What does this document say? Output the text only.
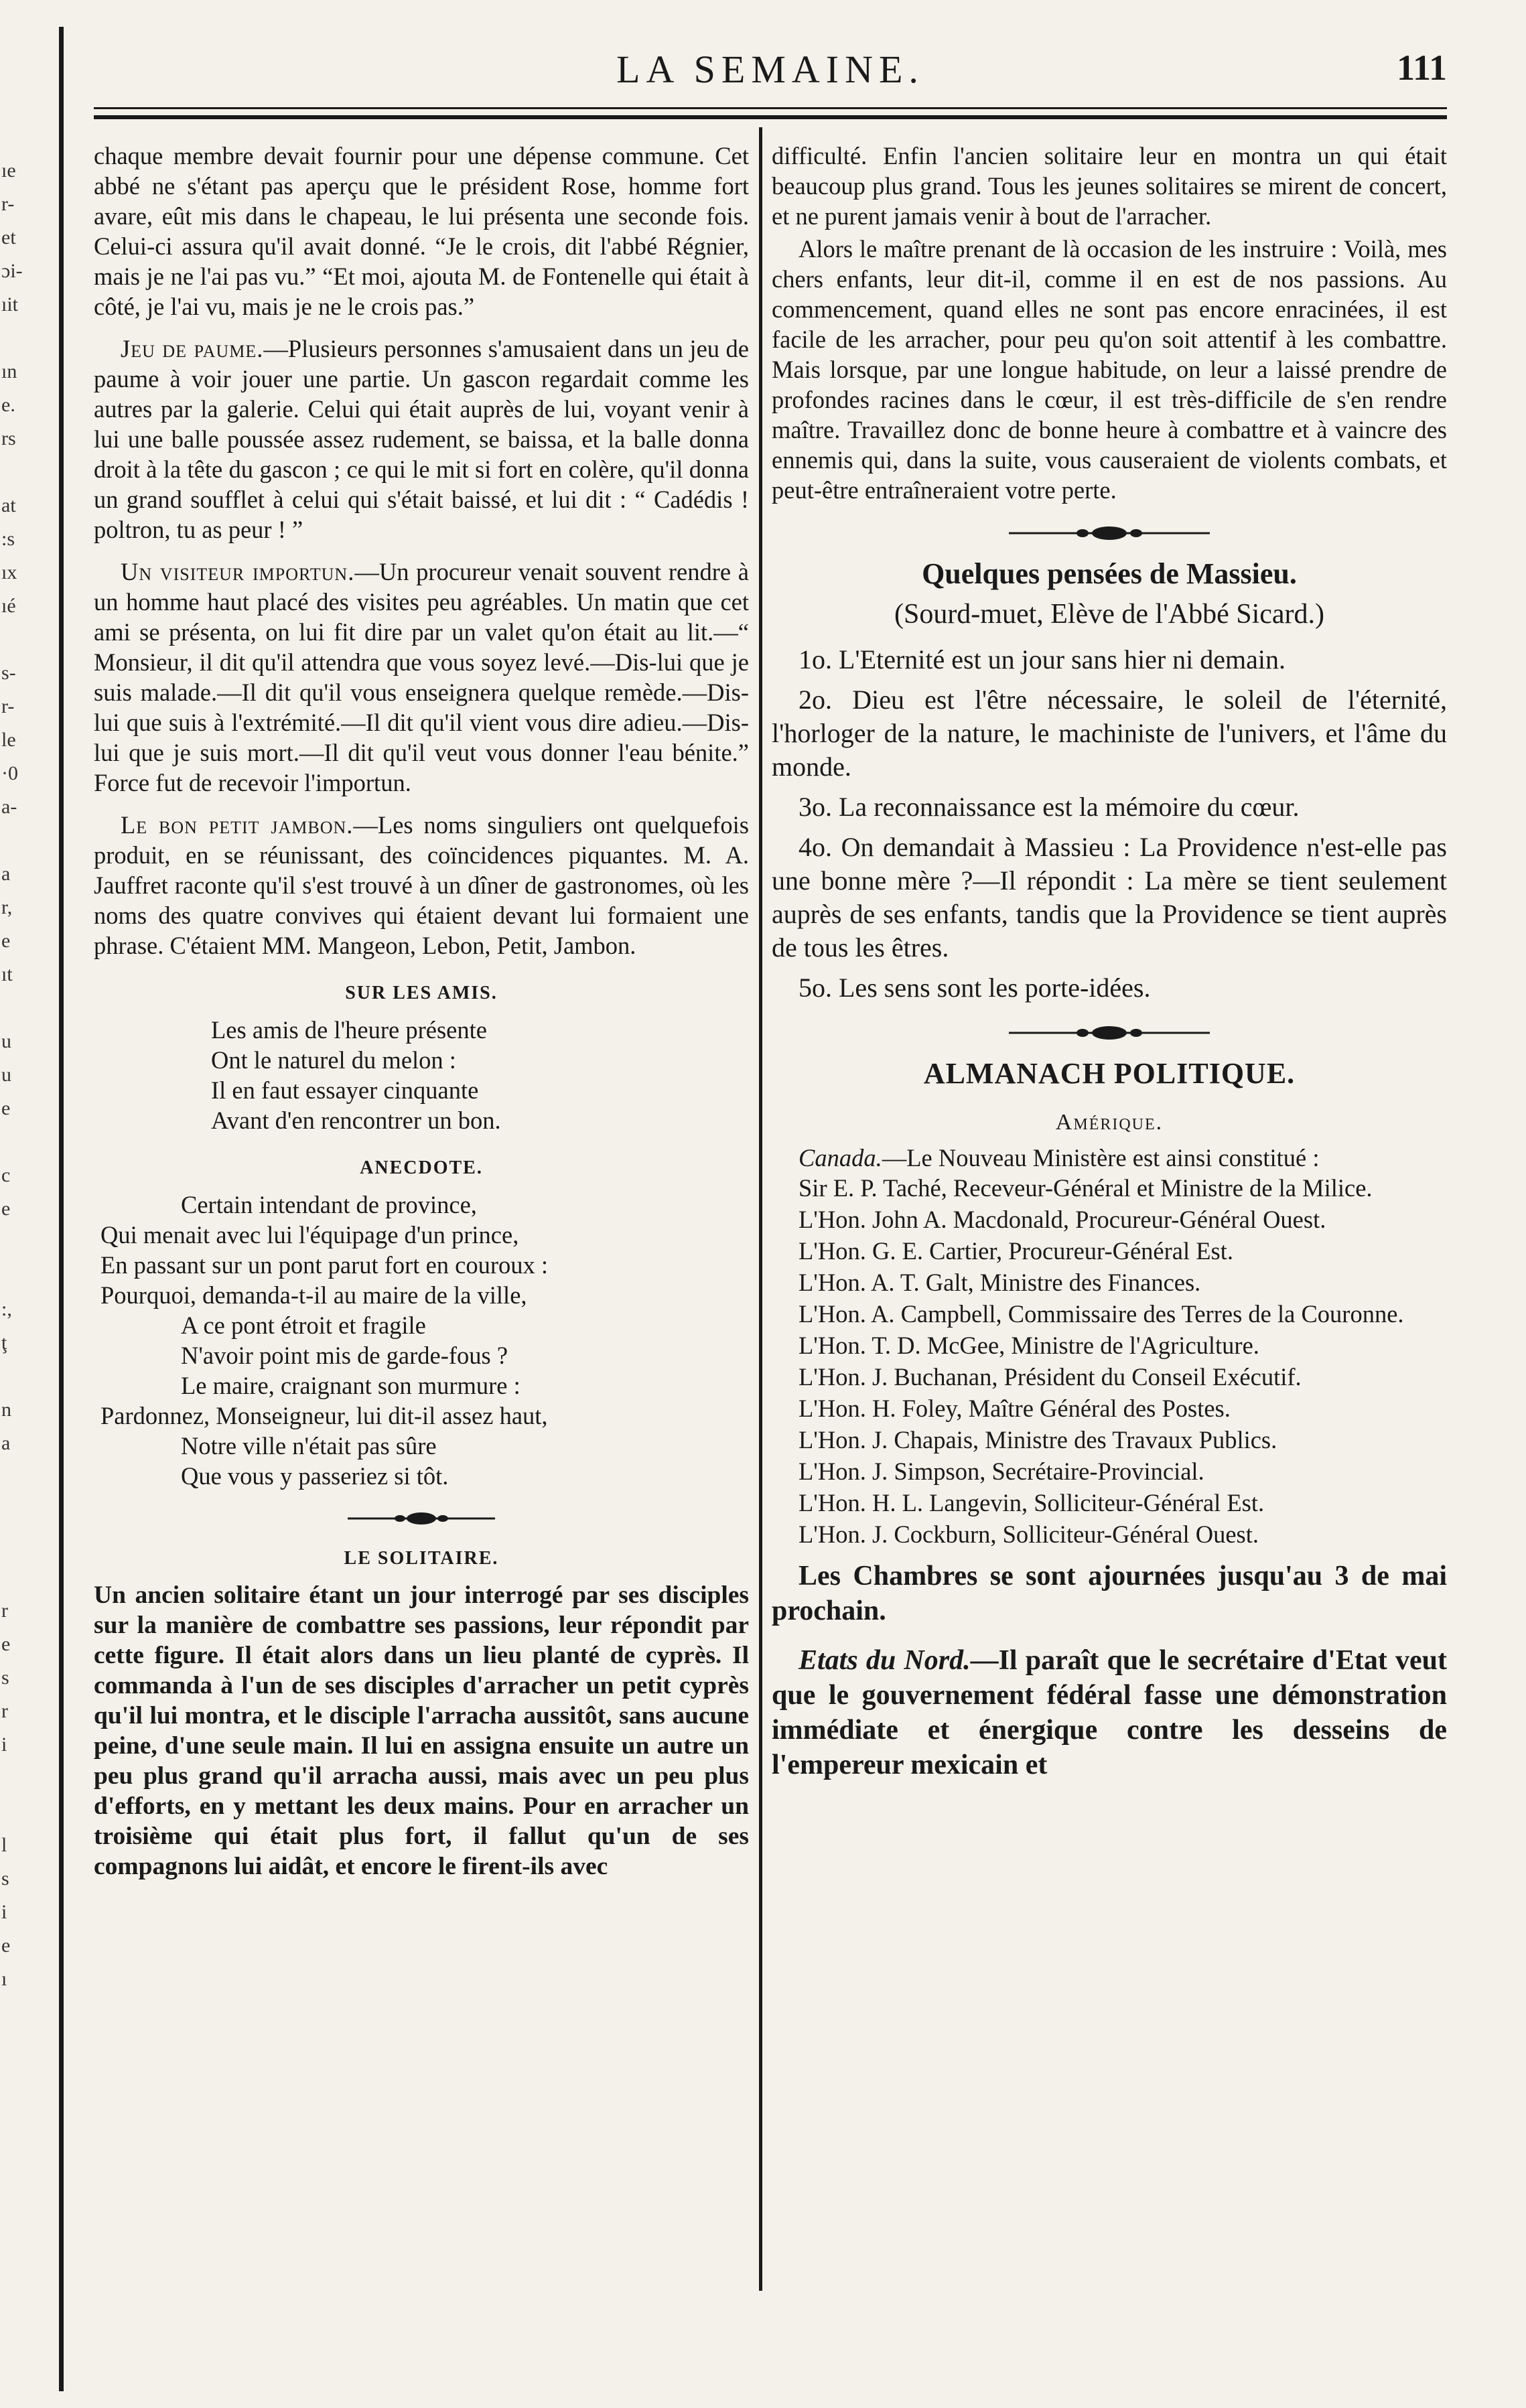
ıe
r-
et
ɔi-
ıit
ın
e.
rs
at
:s
ıx
ıé
s-
r-
le
·0
a-
a
r,
e
ıt
u
u
e
c
e
:,
ţ
n
a
r
e
s
r
i
l
s
i
e
ı
LA SEMAINE.	111

chaque membre devait fournir pour une dépense commune. Cet abbé ne s'étant pas aperçu que le président Rose, homme fort avare, eût mis dans le chapeau, le lui présenta une seconde fois. Celui-ci assura qu'il avait donné. “Je le crois, dit l'abbé Régnier, mais je ne l'ai pas vu.” “Et moi, ajouta M. de Fontenelle qui était à côté, je l'ai vu, mais je ne le crois pas.”

Jeu de paume.—Plusieurs personnes s'amusaient dans un jeu de paume à voir jouer une partie. Un gascon regardait comme les autres par la galerie. Celui qui était auprès de lui, voyant venir à lui une balle poussée assez rudement, se baissa, et la balle donna droit à la tête du gascon ; ce qui le mit si fort en colère, qu'il donna un grand soufflet à celui qui s'était baissé, et lui dit : “ Cadédis ! poltron, tu as peur ! ”

Un visiteur importun.—Un procureur venait souvent rendre à un homme haut placé des visites peu agréables. Un matin que cet ami se présenta, on lui fit dire par un valet qu'on était au lit.—“ Monsieur, il dit qu'il attendra que vous soyez levé.—Dis-lui que je suis malade.—Il dit qu'il vous enseignera quelque remède.—Dis-lui que suis à l'extrémité.—Il dit qu'il vient vous dire adieu.—Dis-lui que je suis mort.—Il dit qu'il veut vous donner l'eau bénite.” Force fut de recevoir l'importun.

Le bon petit jambon.—Les noms singuliers ont quelquefois produit, en se réunissant, des coïncidences piquantes. M. A. Jauffret raconte qu'il s'est trouvé à un dîner de gastronomes, où les noms des quatre convives qui étaient devant lui formaient une phrase. C'étaient MM. Mangeon, Lebon, Petit, Jambon.

SUR LES AMIS.
Les amis de l'heure présente
Ont le naturel du melon :
Il en faut essayer cinquante
Avant d'en rencontrer un bon.
ANECDOTE.
Certain intendant de province,
Qui menait avec lui l'équipage d'un prince,
En passant sur un pont parut fort en couroux :
Pourquoi, demanda-t-il au maire de la ville,
A ce pont étroit et fragile
N'avoir point mis de garde-fous ?
Le maire, craignant son murmure :
Pardonnez, Monseigneur, lui dit-il assez haut,
Notre ville n'était pas sûre
Que vous y passeriez si tôt.
LE SOLITAIRE.

Un ancien solitaire étant un jour interrogé par ses disciples sur la manière de combattre ses passions, leur répondit par cette figure. Il était alors dans un lieu planté de cyprès. Il commanda à l'un de ses disciples d'arracher un petit cyprès qu'il lui montra, et le disciple l'arracha aussitôt, sans aucune peine, d'une seule main. Il lui en assigna ensuite un autre un peu plus grand qu'il arracha aussi, mais avec un peu plus d'efforts, en y mettant les deux mains. Pour en arracher un troisième qui était plus fort, il fallut qu'un de ses compagnons lui aidât, et encore le firent-ils avec

difficulté. Enfin l'ancien solitaire leur en montra un qui était beaucoup plus grand. Tous les jeunes solitaires se mirent de concert, et ne purent jamais venir à bout de l'arracher.

Alors le maître prenant de là occasion de les instruire : Voilà, mes chers enfants, leur dit-il, comme il en est de nos passions. Au commencement, quand elles ne sont pas encore enracinées, il est facile de les arracher, pour peu qu'on soit attentif à les combattre. Mais lorsque, par une longue habitude, on leur a laissé prendre de profondes racines dans le cœur, il est très-difficile de s'en rendre maître. Travaillez donc de bonne heure à combattre et à vaincre des ennemis qui, dans la suite, vous causeraient de violents combats, et peut-être entraîneraient votre perte.

Quelques pensées de Massieu.
(Sourd-muet, Elève de l'Abbé Sicard.)

1o. L'Eternité est un jour sans hier ni demain.

2o. Dieu est l'être nécessaire, le soleil de l'éternité, l'horloger de la nature, le machiniste de l'univers, et l'âme du monde.

3o. La reconnaissance est la mémoire du cœur.

4o. On demandait à Massieu : La Providence n'est-elle pas une bonne mère ?—Il répondit : La mère se tient seulement auprès de ses enfants, tandis que la Providence se tient auprès de tous les êtres.

5o. Les sens sont les porte-idées.

ALMANACH POLITIQUE.
Amérique.

Canada.—Le Nouveau Ministère est ainsi constitué :

Sir E. P. Taché, Receveur-Général et Ministre de la Milice.

L'Hon. John A. Macdonald, Procureur-Général Ouest.

L'Hon. G. E. Cartier, Procureur-Général Est.

L'Hon. A. T. Galt, Ministre des Finances.

L'Hon. A. Campbell, Commissaire des Terres de la Couronne.

L'Hon. T. D. McGee, Ministre de l'Agriculture.

L'Hon. J. Buchanan, Président du Conseil Exécutif.

L'Hon. H. Foley, Maître Général des Postes.

L'Hon. J. Chapais, Ministre des Travaux Publics.

L'Hon. J. Simpson, Secrétaire-Provincial.

L'Hon. H. L. Langevin, Solliciteur-Général Est.

L'Hon. J. Cockburn, Solliciteur-Général Ouest.

Les Chambres se sont ajournées jusqu'au 3 de mai prochain.

Etats du Nord.—Il paraît que le secrétaire d'Etat veut que le gouvernement fédéral fasse une démonstration immédiate et énergique contre les desseins de l'empereur mexicain et
